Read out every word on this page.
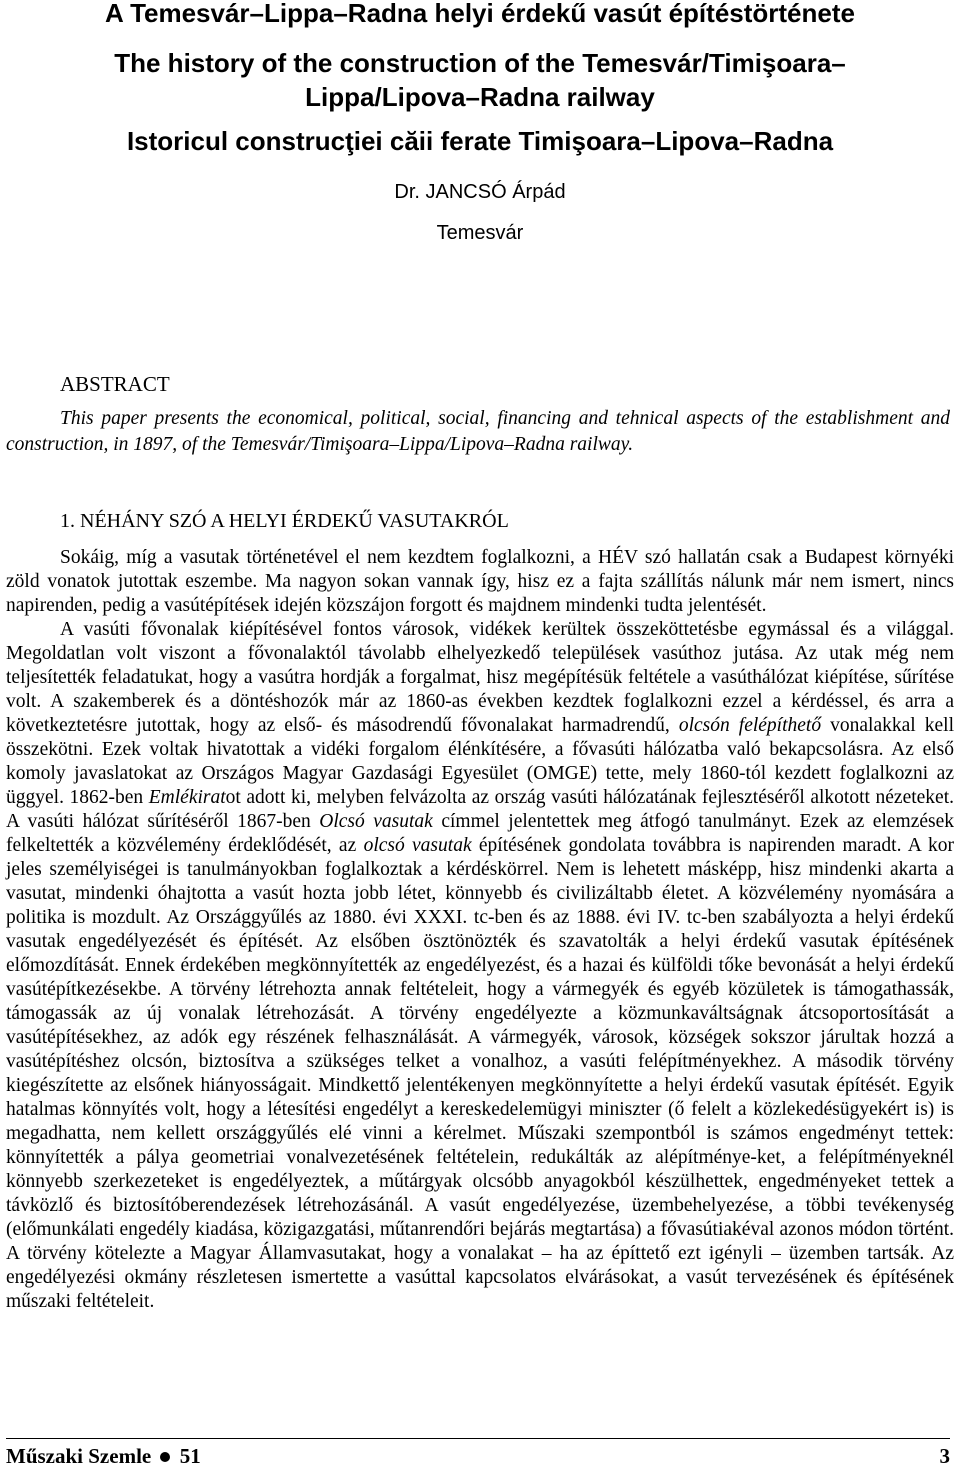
A Temesvár–Lippa–Radna helyi érdekű vasút építéstörténete
The history of the construction of the Temesvár/Timişoara–
Lippa/Lipova–Radna railway
Istoricul construcţiei căii ferate Timişoara–Lipova–Radna
Dr. JANCSÓ Árpád
Temesvár
ABSTRACT
This paper presents the economical, political, social, financing and tehnical aspects of the establishment and construction, in 1897, of the Temesvár/Timişoara–Lippa/Lipova–Radna railway.
1. NÉHÁNY SZÓ A HELYI ÉRDEKŰ VASUTAKRÓL

Sokáig, míg a vasutak történetével el nem kezdtem foglalkozni, a HÉV szó hallatán csak a Budapest környéki zöld vonatok jutottak eszembe. Ma nagyon sokan vannak így, hisz ez a fajta szállítás nálunk már nem ismert, nincs napirenden, pedig a vasútépítések idején közszájon forgott és majdnem mindenki tudta jelentését.

A vasúti fővonalak kiépítésével fontos városok, vidékek kerültek összeköttetésbe egymással és a világgal. Megoldatlan volt viszont a fővonalaktól távolabb elhelyezkedő települések vasúthoz jutása. Az utak még nem teljesítették feladatukat, hogy a vasútra hordják a forgalmat, hisz megépítésük feltétele a vasúthálózat kiépítése, sűrítése volt. A szakemberek és a döntéshozók már az 1860-as években kezdtek foglalkozni ezzel a kérdéssel, és arra a következtetésre jutottak, hogy az első- és másodrendű fővonalakat harmadrendű, olcsón felépíthető vonalakkal kell összekötni. Ezek voltak hivatottak a vidéki forgalom élénkítésére, a fővasúti hálózatba való bekapcsolásra. Az első komoly javaslatokat az Országos Magyar Gazdasági Egyesület (OMGE) tette, mely 1860-tól kezdett foglalkozni az üggyel. 1862-ben Emlékiratot adott ki, melyben felvázolta az ország vasúti hálózatának fejlesztéséről alkotott nézeteket. A vasúti hálózat sűrítéséről 1867-ben Olcsó vasutak címmel jelentettek meg átfogó tanulmányt. Ezek az elemzések felkeltették a közvélemény érdeklődését, az olcsó vasutak építésének gondolata továbbra is napirenden maradt. A kor jeles személyiségei is tanulmányokban foglalkoztak a kérdéskörrel. Nem is lehetett másképp, hisz mindenki akarta a vasutat, mindenki óhajtotta a vasút hozta jobb létet, könnyebb és civilizáltabb életet. A közvélemény nyomására a politika is mozdult. Az Országgyűlés az 1880. évi XXXI. tc-ben és az 1888. évi IV. tc-ben szabályozta a helyi érdekű vasutak engedélyezését és építését. Az elsőben ösztönözték és szavatolták a helyi érdekű vasutak építésének előmozdítását. Ennek érdekében megkönnyítették az engedélyezést, és a hazai és külföldi tőke bevonását a helyi érdekű vasútépítkezésekbe. A törvény létrehozta annak feltételeit, hogy a vármegyék és egyéb közületek is támogathassák, támogassák az új vonalak létrehozását. A törvény engedélyezte a közmunkaváltságnak átcsoportosítását a vasútépítésekhez, az adók egy részének felhasználását. A vármegyék, városok, községek sokszor járultak hozzá a vasútépítéshez olcsón, biztosítva a szükséges telket a vonalhoz, a vasúti felépítményekhez. A második törvény kiegészítette az elsőnek hiányosságait. Mindkettő jelentékenyen megkönnyítette a helyi érdekű vasutak építését. Egyik hatalmas könnyítés volt, hogy a létesítési engedélyt a kereskedelemügyi miniszter (ő felelt a közlekedésügyekért is) is megadhatta, nem kellett országgyűlés elé vinni a kérelmet. Műszaki szempontból is számos engedményt tettek: könnyítették a pálya geometriai vonalvezetésének feltételein, redukálták az alépítménye-ket, a felépítményeknél könnyebb szerkezeteket is engedélyeztek, a műtárgyak olcsóbb anyagokból készülhettek, engedményeket tettek a távközlő és biztosítóberendezések létrehozásánál. A vasút engedélyezése, üzembehelyezése, a többi tevékenység (előmunkálati engedély kiadása, közigazgatási, műtanrendőri bejárás megtartása) a fővasútiakéval azonos módon történt. A törvény kötelezte a Magyar Államvasutakat, hogy a vonalakat – ha az építtető ezt igényli – üzemben tartsák. Az engedélyezési okmány részletesen ismertette a vasúttal kapcsolatos elvárásokat, a vasút tervezésének és építésének műszaki feltételeit.

Műszaki Szemle 51	3
